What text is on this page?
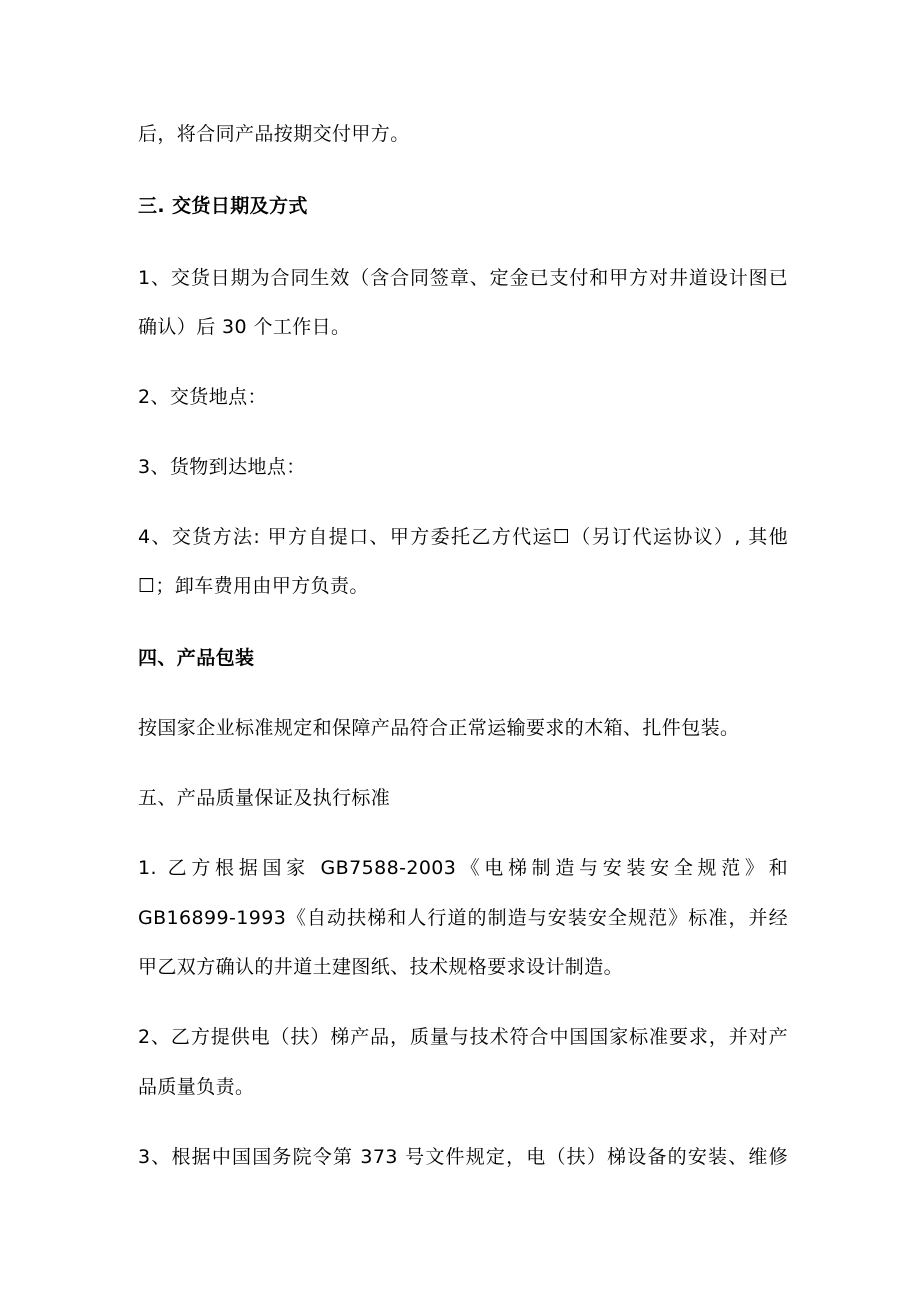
后，将合同产品按期交付甲方。
三. 交货日期及方式
1、交货日期为合同生效（含合同签章、定金已支付和甲方对井道设计图已
确认）后 30 个工作日。
2、交货地点：
3、货物到达地点：
4、交货方法: 甲方自提口、甲方委托乙方代运☐（另订代运协议）, 其他
☐；卸车费用由甲方负责。
四、产品包装
按国家企业标准规定和保障产品符合正常运输要求的木箱、扎件包装。
五、产品质量保证及执行标准
1. 乙方根据国家 GB7588-2003《电梯制造与安装安全规范》和
GB16899-1993《自动扶梯和人行道的制造与安装安全规范》标准，并经
甲乙双方确认的井道土建图纸、技术规格要求设计制造。
2、乙方提供电（扶）梯产品，质量与技术符合中国国家标准要求，并对产
品质量负责。
3、根据中国国务院令第 373 号文件规定，电（扶）梯设备的安装、维修
